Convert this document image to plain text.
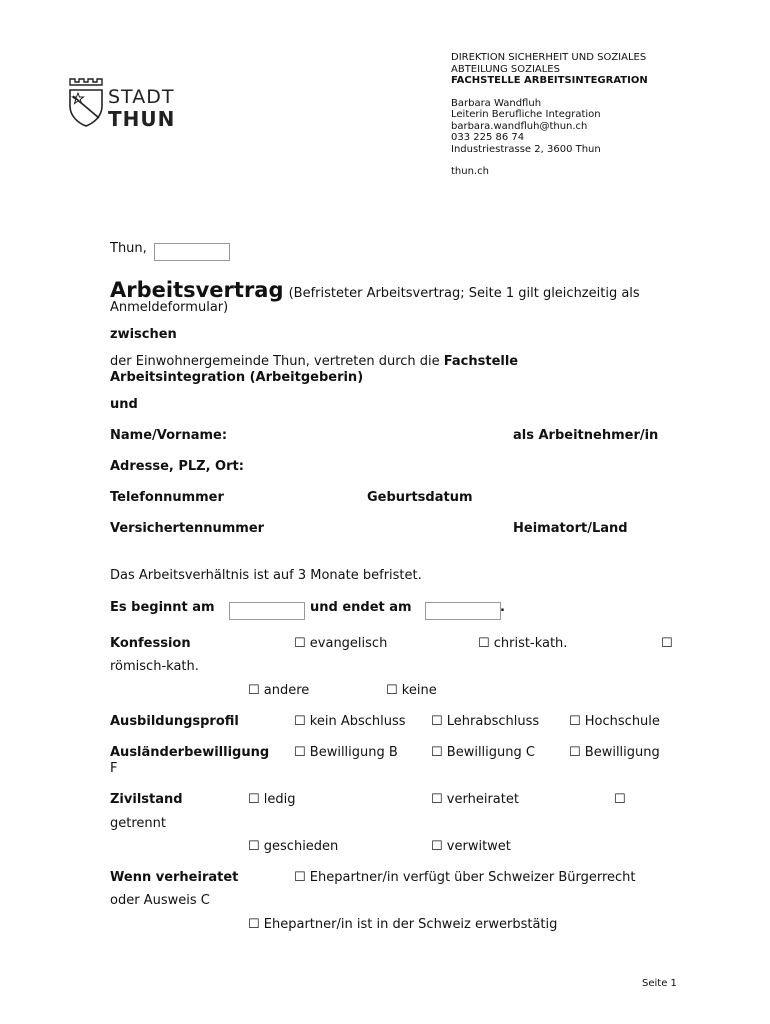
STADT
THUN
DIREKTION SICHERHEIT UND SOZIALES
ABTEILUNG SOZIALES
FACHSTELLE ARBEITSINTEGRATION
Barbara Wandfluh
Leiterin Berufliche Integration
barbara.wandfluh@thun.ch
033 225 86 74
Industriestrasse 2, 3600 Thun
thun.ch
Thun,
Arbeitsvertrag (Befristeter Arbeitsvertrag; Seite 1 gilt gleichzeitig als
Anmeldeformular)
zwischen
der Einwohnergemeinde Thun, vertreten durch die Fachstelle
Arbeitsintegration (Arbeitgeberin)
und
Name/Vorname:	als Arbeitnehmer/in
Adresse, PLZ, Ort:
Telefonnummer	Geburtsdatum
Versichertennummer	Heimatort/Land
Das Arbeitsverhältnis ist auf 3 Monate befristet.
Es beginnt am	und endet am	.
Konfession	☐ evangelisch	☐ christ-kath.	☐
römisch-kath.
☐ andere	☐ keine
Ausbildungsprofil	☐ kein Abschluss ☐ Lehrabschluss ☐ Hochschule
Ausländerbewilligung ☐ Bewilligung B	☐ Bewilligung C	☐ Bewilligung
F
Zivilstand	☐ ledig	☐ verheiratet	☐
getrennt
☐ geschieden	☐ verwitwet
Wenn verheiratet	☐ Ehepartner/in verfügt über Schweizer Bürgerrecht
oder Ausweis C
☐ Ehepartner/in ist in der Schweiz erwerbstätig
Seite 1
